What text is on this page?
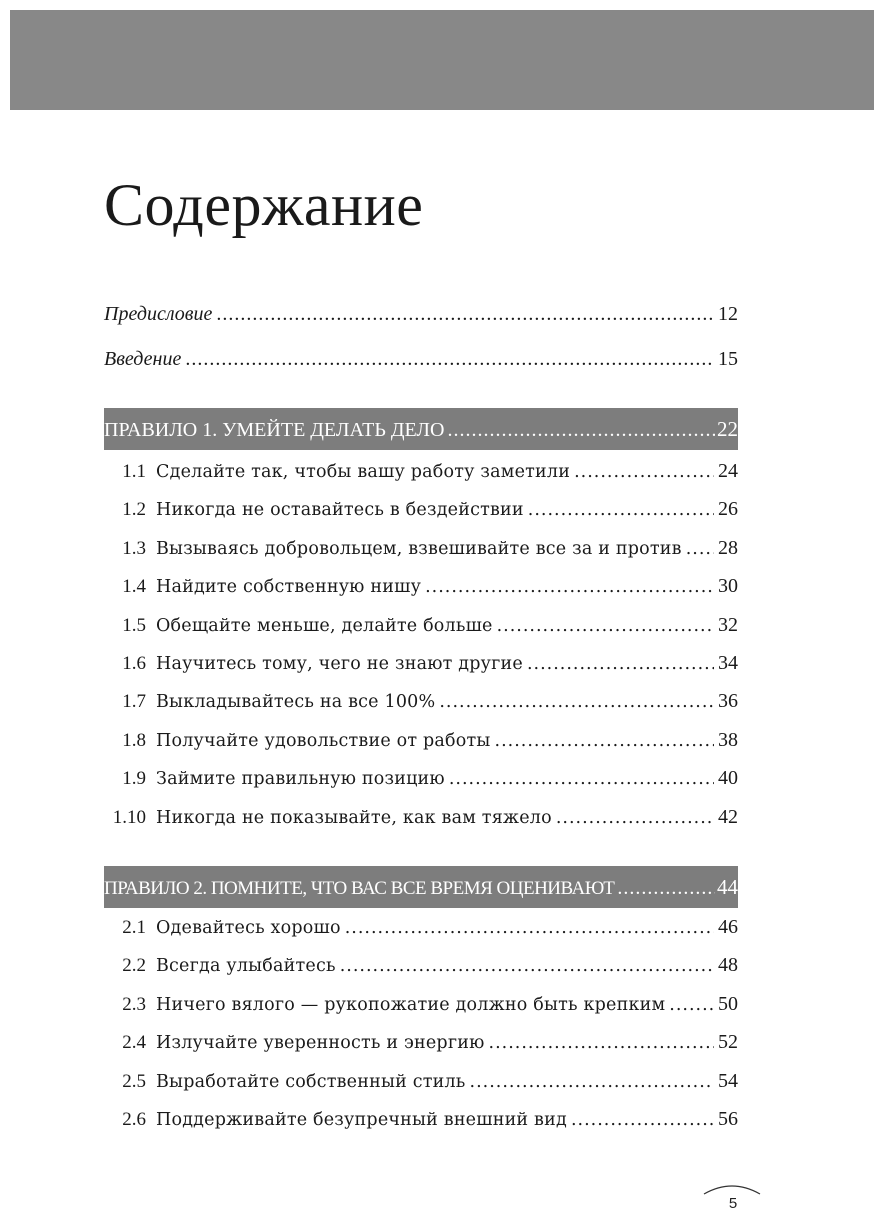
Содержание
Предисловие .....	12
Введение .....	15
ПРАВИЛО 1. УМЕЙТЕ ДЕЛАТЬ ДЕЛО .....	22
1.1 Сделайте так, чтобы вашу работу заметили .....	24
1.2 Никогда не оставайтесь в бездействии .....	26
1.3 Вызываясь добровольцем, взвешивайте все за и против ..... 28
1.4 Найдите собственную нишу .....	30
1.5 Обещайте меньше, делайте больше .....	32
1.6 Научитесь тому, чего не знают другие .....	34
1.7 Выкладывайтесь на все 100% .....	36
1.8 Получайте удовольствие от работы .....	38
1.9 Займите правильную позицию .....	40
1.10 Никогда не показывайте, как вам тяжело .....	42
ПРАВИЛО 2. ПОМНИТЕ, ЧТО ВАС ВСЕ ВРЕМЯ ОЦЕНИВАЮТ .....	44
2.1 Одевайтесь хорошо .....	46
2.2 Всегда улыбайтесь .....	48
2.3 Ничего вялого — рукопожатие должно быть крепким .....	50
2.4 Излучайте уверенность и энергию .....	52
2.5 Выработайте собственный стиль .....	54
2.6 Поддерживайте безупречный внешний вид .....	56
5
